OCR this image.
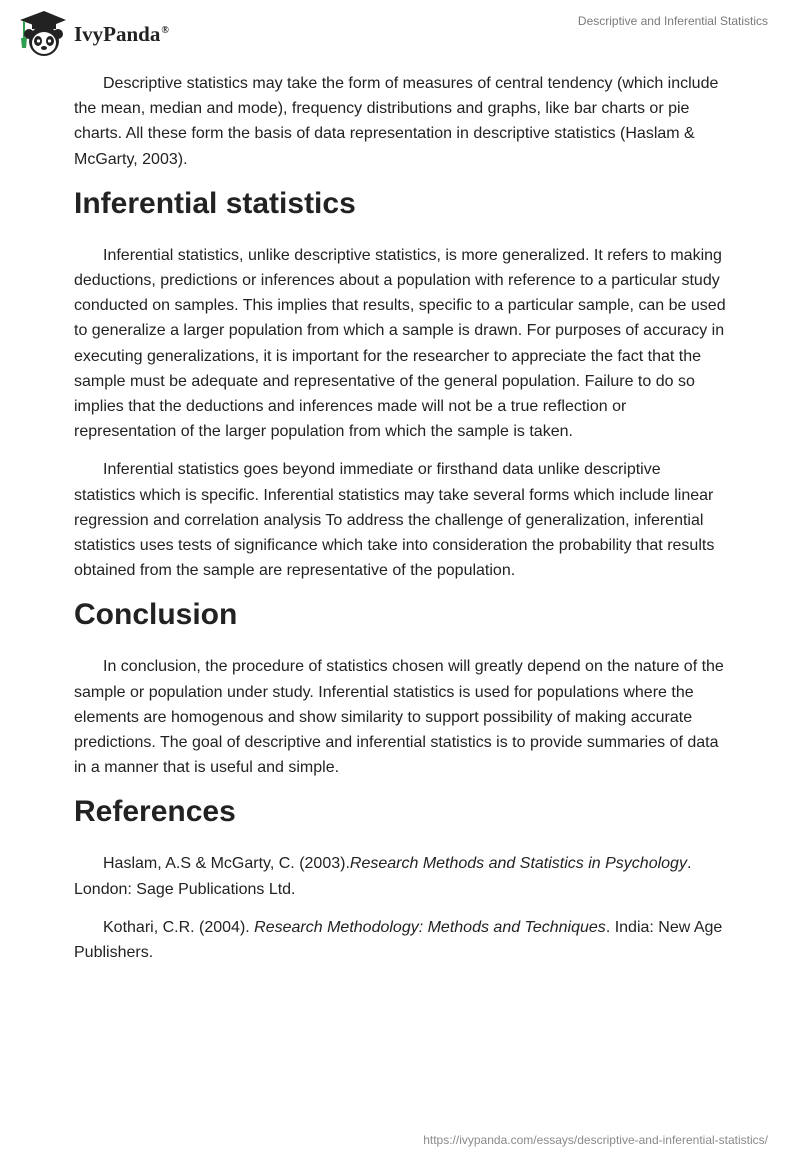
IvyPanda®
Descriptive and Inferential Statistics

Descriptive statistics may take the form of measures of central tendency (which include the mean, median and mode), frequency distributions and graphs, like bar charts or pie charts. All these form the basis of data representation in descriptive statistics (Haslam & McGarty, 2003).

Inferential statistics

Inferential statistics, unlike descriptive statistics, is more generalized. It refers to making deductions, predictions or inferences about a population with reference to a particular study conducted on samples. This implies that results, specific to a particular sample, can be used to generalize a larger population from which a sample is drawn. For purposes of accuracy in executing generalizations, it is important for the researcher to appreciate the fact that the sample must be adequate and representative of the general population. Failure to do so implies that the deductions and inferences made will not be a true reflection or representation of the larger population from which the sample is taken.

Inferential statistics goes beyond immediate or firsthand data unlike descriptive statistics which is specific. Inferential statistics may take several forms which include linear regression and correlation analysis To address the challenge of generalization, inferential statistics uses tests of significance which take into consideration the probability that results obtained from the sample are representative of the population.

Conclusion

In conclusion, the procedure of statistics chosen will greatly depend on the nature of the sample or population under study. Inferential statistics is used for populations where the elements are homogenous and show similarity to support possibility of making accurate predictions. The goal of descriptive and inferential statistics is to provide summaries of data in a manner that is useful and simple.

References

Haslam, A.S & McGarty, C. (2003).Research Methods and Statistics in Psychology. London: Sage Publications Ltd.

Kothari, C.R. (2004). Research Methodology: Methods and Techniques. India: New Age Publishers.

https://ivypanda.com/essays/descriptive-and-inferential-statistics/
